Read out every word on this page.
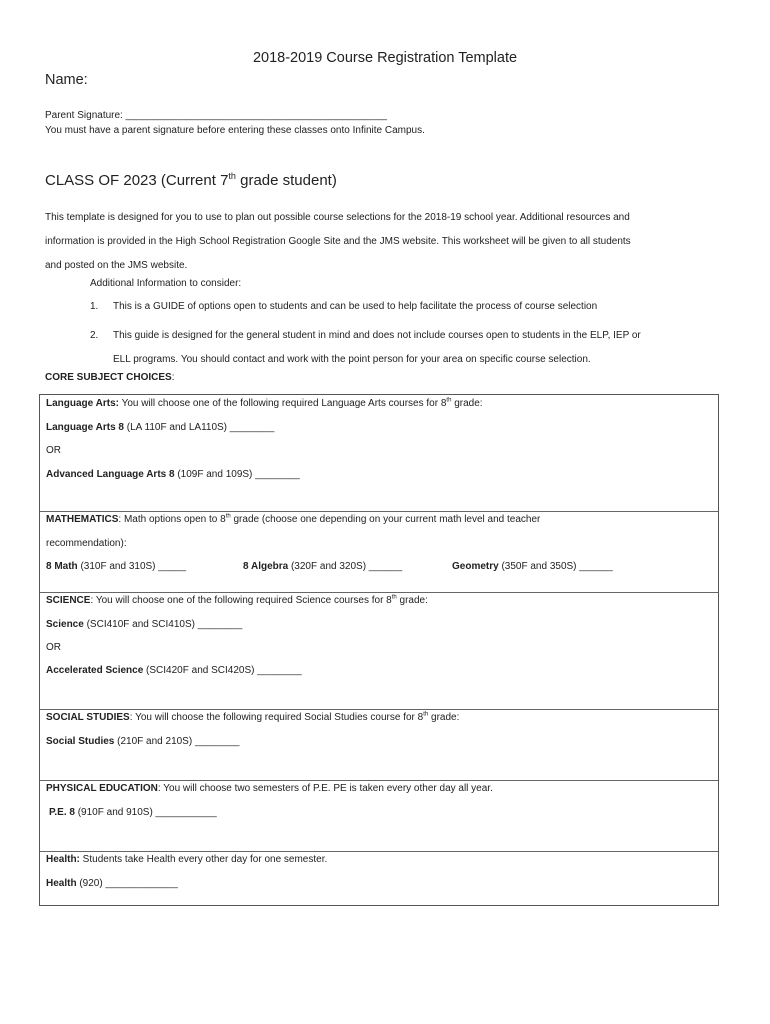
2018-2019 Course Registration Template
Name:
Parent Signature: _______________________________________________
You must have a parent signature before entering these classes onto Infinite Campus.
CLASS OF 2023 (Current 7th grade student)
This template is designed for you to use to plan out possible course selections for the 2018-19 school year. Additional resources and
information is provided in the High School Registration Google Site and the JMS website. This worksheet will be given to all students
and posted on the JMS website.
Additional Information to consider:
1. This is a GUIDE of options open to students and can be used to help facilitate the process of course selection
2. This guide is designed for the general student in mind and does not include courses open to students in the ELP, IEP or
ELL programs. You should contact and work with the point person for your area on specific course selection.
CORE SUBJECT CHOICES:
Language Arts: You will choose one of the following required Language Arts courses for 8th grade:
Language Arts 8 (LA 110F and LA110S) ________
OR
Advanced Language Arts 8 (109F and 109S) ________
MATHEMATICS: Math options open to 8th grade (choose one depending on your current math level and teacher
recommendation):
8 Math (310F and 310S) _____	8 Algebra (320F and 320S) ______	Geometry (350F and 350S) ______
SCIENCE: You will choose one of the following required Science courses for 8th grade:
Science (SCI410F and SCI410S) ________
OR
Accelerated Science (SCI420F and SCI420S) ________
SOCIAL STUDIES: You will choose the following required Social Studies course for 8th grade:
Social Studies (210F and 210S) ________
PHYSICAL EDUCATION: You will choose two semesters of P.E. PE is taken every other day all year.
P.E. 8 (910F and 910S) ___________
Health: Students take Health every other day for one semester.
Health (920) _____________
